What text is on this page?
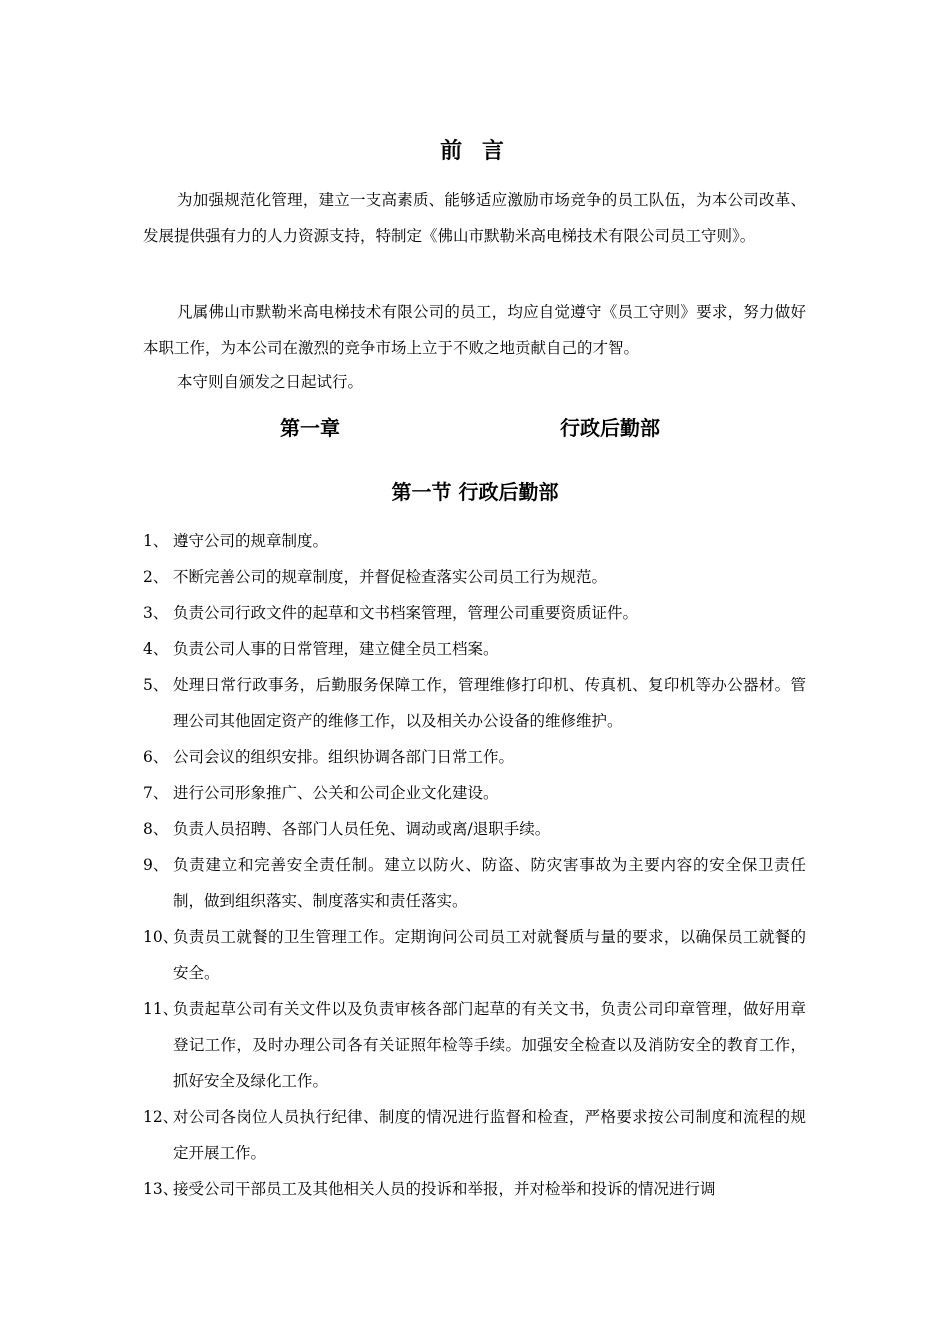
前 言

为加强规范化管理，建立一支高素质、能够适应激励市场竞争的员工队伍，为本公司改革、发展提供强有力的人力资源支持，特制定《佛山市默勒米高电梯技术有限公司员工守则》。

凡属佛山市默勒米高电梯技术有限公司的员工，均应自觉遵守《员工守则》要求，努力做好本职工作，为本公司在激烈的竞争市场上立于不败之地贡献自己的才智。

本守则自颁发之日起试行。

第一章	行政后勤部
第一节 行政后勤部
1、 遵守公司的规章制度。
2、 不断完善公司的规章制度，并督促检查落实公司员工行为规范。
3、 负责公司行政文件的起草和文书档案管理，管理公司重要资质证件。
4、 负责公司人事的日常管理，建立健全员工档案。
5、 处理日常行政事务，后勤服务保障工作，管理维修打印机、传真机、复印机等办公器材。管理公司其他固定资产的维修工作，以及相关办公设备的维修维护。
6、 公司会议的组织安排。组织协调各部门日常工作。
7、 进行公司形象推广、公关和公司企业文化建设。
8、 负责人员招聘、各部门人员任免、调动或离/退职手续。
9、 负责建立和完善安全责任制。建立以防火、防盗、防灾害事故为主要内容的安全保卫责任制，做到组织落实、制度落实和责任落实。
10、
负责员工就餐的卫生管理工作。定期询问公司员工对就餐质与量的要求，以确保员工就餐的安全。
11、
负责起草公司有关文件以及负责审核各部门起草的有关文书，负责公司印章管理，做好用章登记工作，及时办理公司各有关证照年检等手续。加强安全检查以及消防安全的教育工作，抓好安全及绿化工作。
12、
对公司各岗位人员执行纪律、制度的情况进行监督和检查，严格要求按公司制度和流程的规定开展工作。
13、
接受公司干部员工及其他相关人员的投诉和举报，并对检举和投诉的情况进行调
